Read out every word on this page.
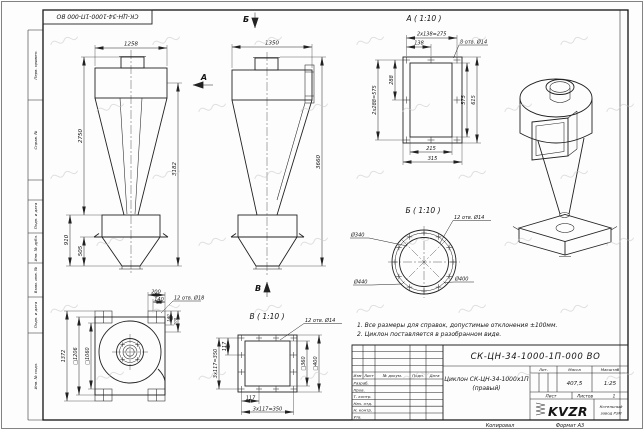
Перв. примен.
Справ. №
Подп. и дата
Инв. № дубл.
Взам. инв. №
Подп. и дата
Инв. № подл.
СК-ЦН-34-1000-1П-000 ВО
1258
2750
910
505
3182
А
Б
В
1350
3660
А ( 1:10 )
2x138=275
138	8 отв. Ø14
288
2x288=575	575 615
215
315
Б ( 1:10 )
12 отв. Ø14
Ø340
Ø440	Ø400
В ( 1:10 )	12 отв. Ø14
117
3x117=350	□360 □400
117
3x117=350
1372 □1206 □1060
200
140 12 отв. Ø18
140 200
1. Все размеры для справок, допустимые отклонения ±100мм.
2. Циклон поставляется в разобранном виде.
Изм Лист № докум.	Подп. Дата
Разраб.
Пров.
Т. контр.
Нач. отд.
Н. контр.
Утв.
СК-ЦН-34-1000-1П-000 ВО
Циклон СК-ЦН-34-1000х1П
(правый)
Лит.	Масса	Масштаб
407,5	1:25
Лист	Листов	1
KVZR	Котельный
завод РЭП
Копировал	Формат А3
